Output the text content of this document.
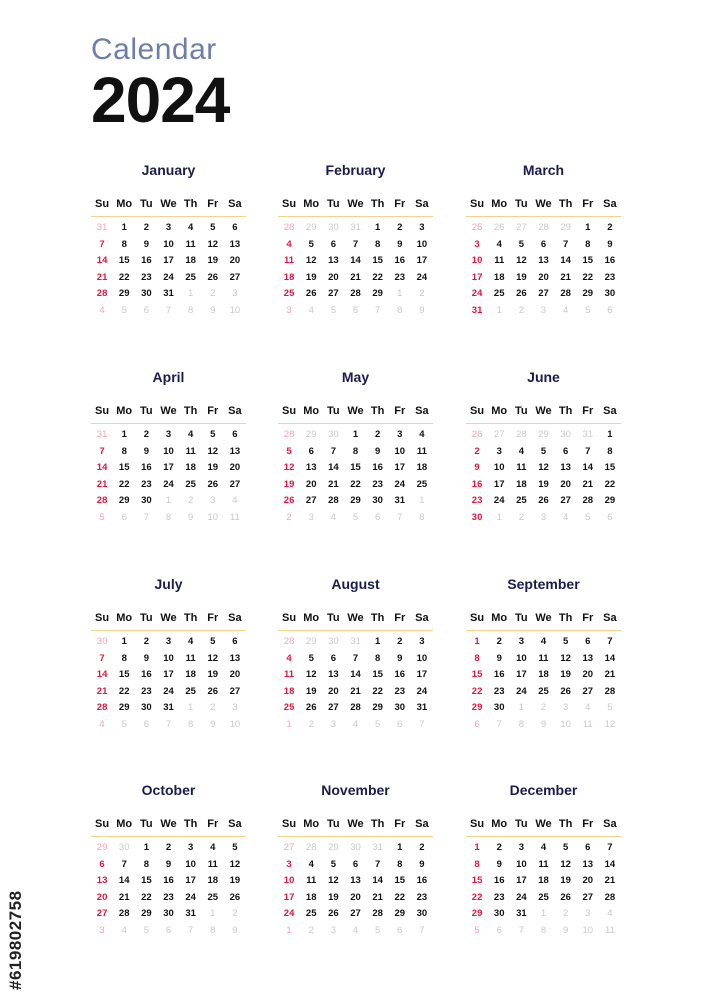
Calendar
2024
January
Su Mo Tu We Th Fr Sa
31	1	2	3	4	5	6
7	8	9	10	11	12	13
14	15	16	17	18	19	20
21	22	23	24	25	26	27
28	29	30	31	1	2	3
4	5	6	7	8	9	10
February
Su Mo Tu We Th Fr Sa
28	29	30	31	1	2	3
4	5	6	7	8	9	10
11	12	13	14	15	16	17
18	19	20	21	22	23	24
25	26	27	28	29	1	2
3	4	5	6	7	8	9
March
Su Mo Tu We Th Fr Sa
25	26	27	28	29	1	2
3	4	5	6	7	8	9
10	11	12	13	14	15	16
17	18	19	20	21	22	23
24	25	26	27	28	29	30
31	1	2	3	4	5	6
April
Su Mo Tu We Th Fr Sa
31	1	2	3	4	5	6
7	8	9	10	11	12	13
14	15	16	17	18	19	20
21	22	23	24	25	26	27
28	29	30	1	2	3	4
5	6	7	8	9	10	11
May
Su Mo Tu We Th Fr Sa
28	29	30	1	2	3	4
5	6	7	8	9	10	11
12	13	14	15	16	17	18
19	20	21	22	23	24	25
26	27	28	29	30	31	1
2	3	4	5	6	7	8
June
Su Mo Tu We Th Fr Sa
26	27	28	29	30	31	1
2	3	4	5	6	7	8
9	10	11	12	13	14	15
16	17	18	19	20	21	22
23	24	25	26	27	28	29
30	1	2	3	4	5	6
July
Su Mo Tu We Th Fr Sa
30	1	2	3	4	5	6
7	8	9	10	11	12	13
14	15	16	17	18	19	20
21	22	23	24	25	26	27
28	29	30	31	1	2	3
4	5	6	7	8	9	10
August
Su Mo Tu We Th Fr Sa
28	29	30	31	1	2	3
4	5	6	7	8	9	10
11	12	13	14	15	16	17
18	19	20	21	22	23	24
25	26	27	28	29	30	31
1	2	3	4	5	6	7
September
Su Mo Tu We Th Fr Sa
1	2	3	4	5	6	7
8	9	10	11	12	13	14
15	16	17	18	19	20	21
22	23	24	25	26	27	28
29	30	1	2	3	4	5
6	7	8	9	10	11	12
October
Su Mo Tu We Th Fr Sa
29	30	1	2	3	4	5
6	7	8	9	10	11	12
13	14	15	16	17	18	19
20	21	22	23	24	25	26
27	28	29	30	31	1	2
3	4	5	6	7	8	9
November
Su Mo Tu We Th Fr Sa
27	28	29	30	31	1	2
3	4	5	6	7	8	9
10	11	12	13	14	15	16
17	18	19	20	21	22	23
24	25	26	27	28	29	30
1	2	3	4	5	6	7
December
Su Mo Tu We Th Fr Sa
1	2	3	4	5	6	7
8	9	10	11	12	13	14
15	16	17	18	19	20	21
22	23	24	25	26	27	28
29	30	31	1	2	3	4
5	6	7	8	9	10	11
#619802758
